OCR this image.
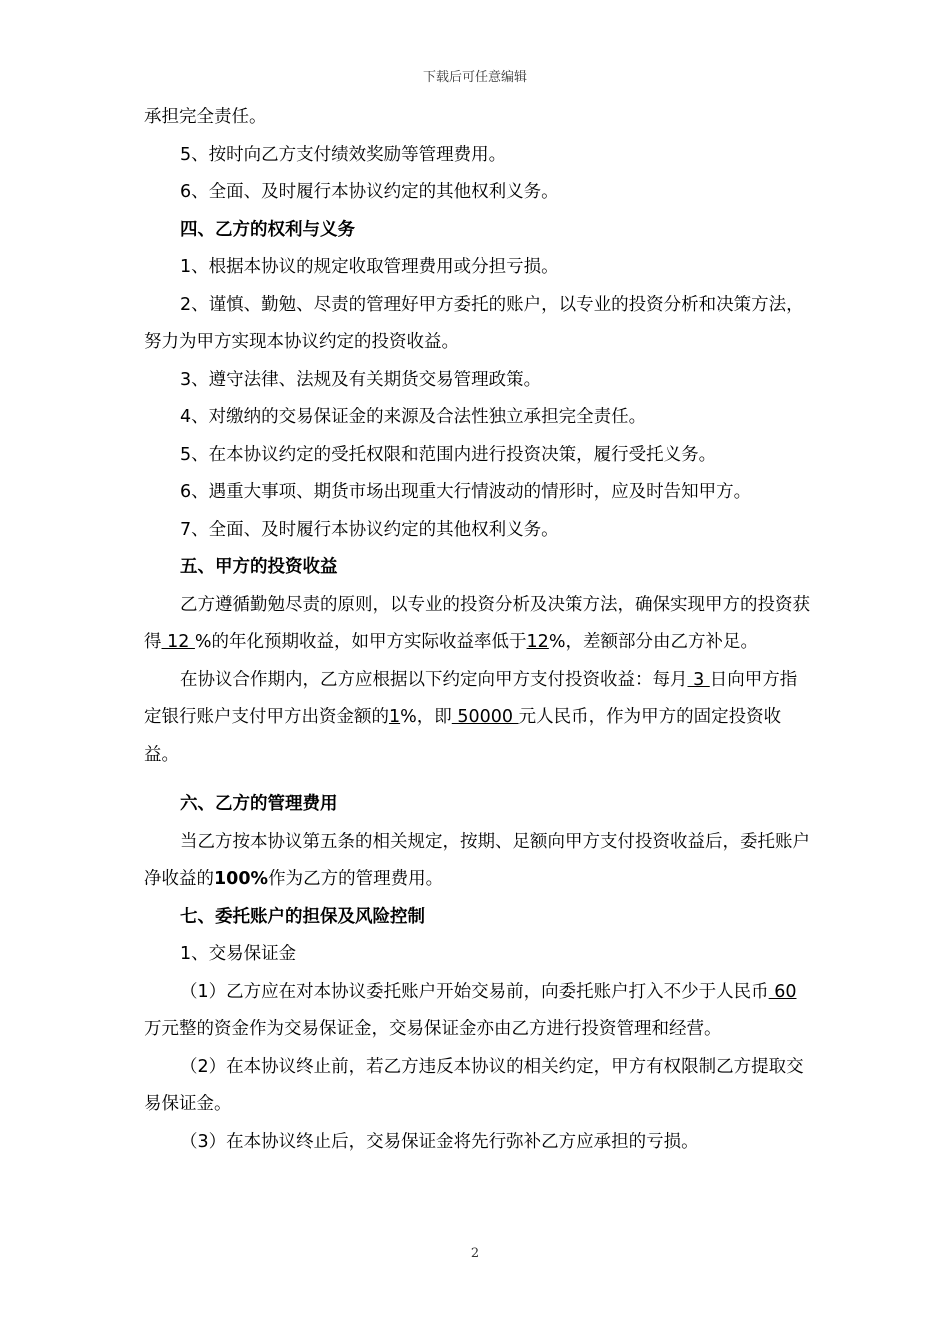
下载后可任意编辑

承担完全责任。

5、按时向乙方支付绩效奖励等管理费用。

6、全面、及时履行本协议约定的其他权利义务。

四、乙方的权利与义务

1、根据本协议的规定收取管理费用或分担亏损。

2、谨慎、勤勉、尽责的管理好甲方委托的账户，以专业的投资分析和决策方法，努力为甲方实现本协议约定的投资收益。

3、遵守法律、法规及有关期货交易管理政策。

4、对缴纳的交易保证金的来源及合法性独立承担完全责任。

5、在本协议约定的受托权限和范围内进行投资决策，履行受托义务。

6、遇重大事项、期货市场出现重大行情波动的情形时，应及时告知甲方。

7、全面、及时履行本协议约定的其他权利义务。

五、甲方的投资收益

乙方遵循勤勉尽责的原则，以专业的投资分析及决策方法，确保实现甲方的投资获得 12 %的年化预期收益，如甲方实际收益率低于12%，差额部分由乙方补足。

在协议合作期内，乙方应根据以下约定向甲方支付投资收益：每月 3 日向甲方指定银行账户支付甲方出资金额的1%，即 50000 元人民币，作为甲方的固定投资收益。

六、乙方的管理费用

当乙方按本协议第五条的相关规定，按期、足额向甲方支付投资收益后，委托账户净收益的100%作为乙方的管理费用。

七、委托账户的担保及风险控制

1、交易保证金

（1）乙方应在对本协议委托账户开始交易前，向委托账户打入不少于人民币 60 万元整的资金作为交易保证金，交易保证金亦由乙方进行投资管理和经营。

（2）在本协议终止前，若乙方违反本协议的相关约定，甲方有权限制乙方提取交易保证金。

（3）在本协议终止后，交易保证金将先行弥补乙方应承担的亏损。

2
